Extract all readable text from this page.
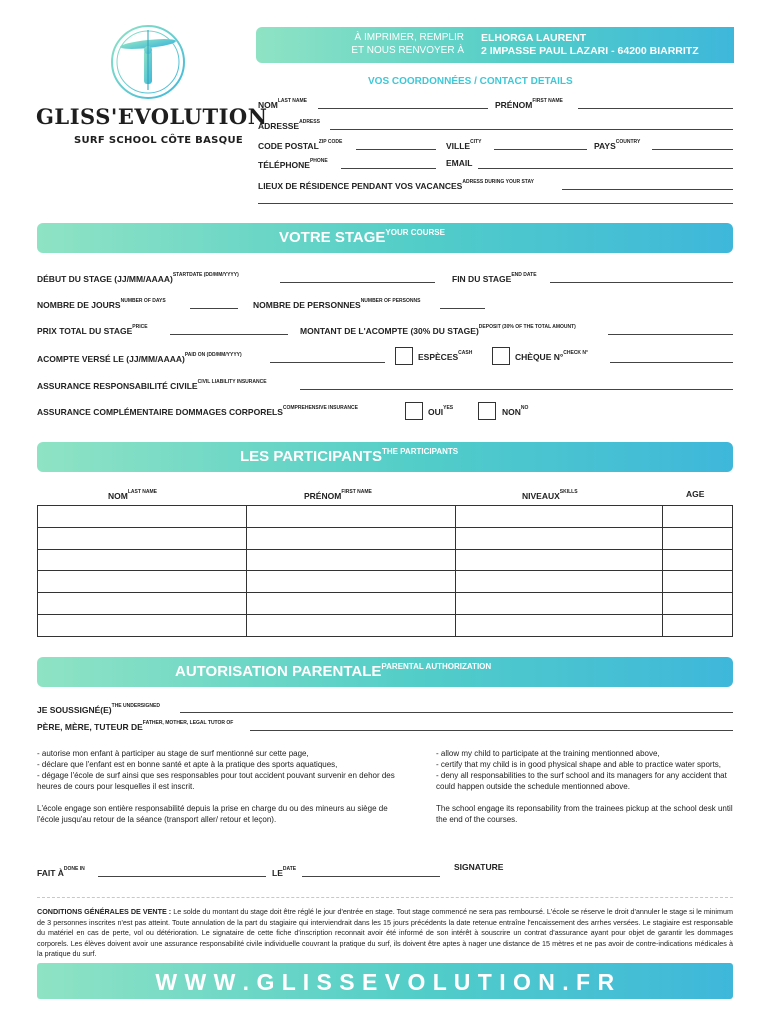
GLISS'EVOLUTION
SURF SCHOOL CÔTE BASQUE
À IMPRIMER, REMPLIR
ET NOUS RENVOYER À
ELHORGA LAURENT
2 IMPASSE PAUL LAZARI - 64200 BIARRITZ
VOS COORDONNÉES / CONTACT DETAILS
$NOM^{LAST NAME}$	$PRÉNOM^{FIRST NAME}$
$ADRESSE^{ADRESS}$
CODE $POSTAL^{ZIP CODE}$	$VILLE^{CITY}$	$PAYS^{COUNTRY}$
$TÉLÉPHONE^{PHONE}$	EMAIL
LIEUX DE RÉSIDENCE PENDANT VOS $VACANCES^{ADRESS DURING YOUR STAY}$
VOTRE $STAGE^{YOUR COURSE}$
DÉBUT DU STAGE (JJ/MM/AAAA)$^{STARTDATE (DD/MM/YYYY)}$	FIN DU $STAGE^{END DATE}$
NOMBRE DE $JOURS^{NUMBER OF DAYS}$	NOMBRE DE $PERSONNES^{NUMBER OF PERSONNS}$
PRIX TOTAL DU $STAGE^{PRICE}$	MONTANT DE L'ACOMPTE (30% DU STAGE)$^{DEPOSIT (30\% OF THE TOTAL AMOUNT)}$
ACOMPTE VERSÉ LE (JJ/MM/AAAA)$^{PAID ON (DD/MM/YYYY)}$	$ESPÈCES^{CASH}$	CHÈQUE N°$^{CHECK N^\circ}$
ASSURANCE RESPONSABILITÉ $CIVILE^{CIVIL LIABILITY INSURANCE}$
ASSURANCE COMPLÉMENTAIRE DOMMAGES $CORPORELS^{COMPREHENSIVE INSURANCE}$	$OUI^{YES}$	$NON^{NO}$
LES $PARTICIPANTS^{THE PARTICIPANTS}$
$NOM^{LAST NAME}$	$PRÉNOM^{FIRST NAME}$	$NIVEAUX^{SKILLS}$	AGE

AUTORISATION $PARENTALE^{PARENTAL AUTHORIZATION}$
JE $SOUSSIGNÉ(E)^{THE UNDERSIGNED}$
PÈRE, MÈRE, TUTEUR $DE^{FATHER, MOTHER, LEGAL TUTOR OF}$
- autorise mon enfant à participer au stage de surf mentionné sur cette page,
- déclare que l'enfant est en bonne santé et apte à la pratique des sports aquatiques,
- dégage l'école de surf ainsi que ses responsables pour tout accident pouvant survenir en dehor des heures de cours pour lesquelles il est inscrit.

L'école engage son entière responsabilité depuis la prise en charge du ou des mineurs au siège de l'école jusqu'au retour de la séance (transport aller/ retour et leçon).
- allow my child to participate at the training mentionned above,
- certify that my child is in good physical shape and able to practice water sports,
- deny all responsabilities to the surf school and its managers for any accident that could happen outside the schedule mentionned above.

The school engage its reponsability from the trainees pickup at the school desk until the end of the courses.
FAIT $À^{DONE IN}$	$LE^{DATE}$	SIGNATURE
CONDITIONS GÉNÉRALES DE VENTE : Le solde du montant du stage doit être réglé le jour d'entrée en stage. Tout stage commencé ne sera pas remboursé. L'école se réserve le droit d'annuler le stage si le minimum de 3 personnes inscrites n'est pas atteint. Toute annulation de la part du stagiaire qui interviendrait dans les 15 jours précédents la date retenue entraîne l'encaissement des arrhes versées. Le stagiaire est responsable du matériel en cas de perte, vol ou détérioration. Le signataire de cette fiche d'inscription reconnait avoir été informé de son intérêt à souscrire un contrat d'assurance ayant pour objet de garantir les dommages corporels. Les élèves doivent avoir une assurance responsabilité civile individuelle couvrant la pratique du surf, ils doivent être aptes à nager une distance de 15 mètres et ne pas avoir de contre-indications médicales à la pratique du surf.
W W W . G L I S S E V O L U T I O N . F R
